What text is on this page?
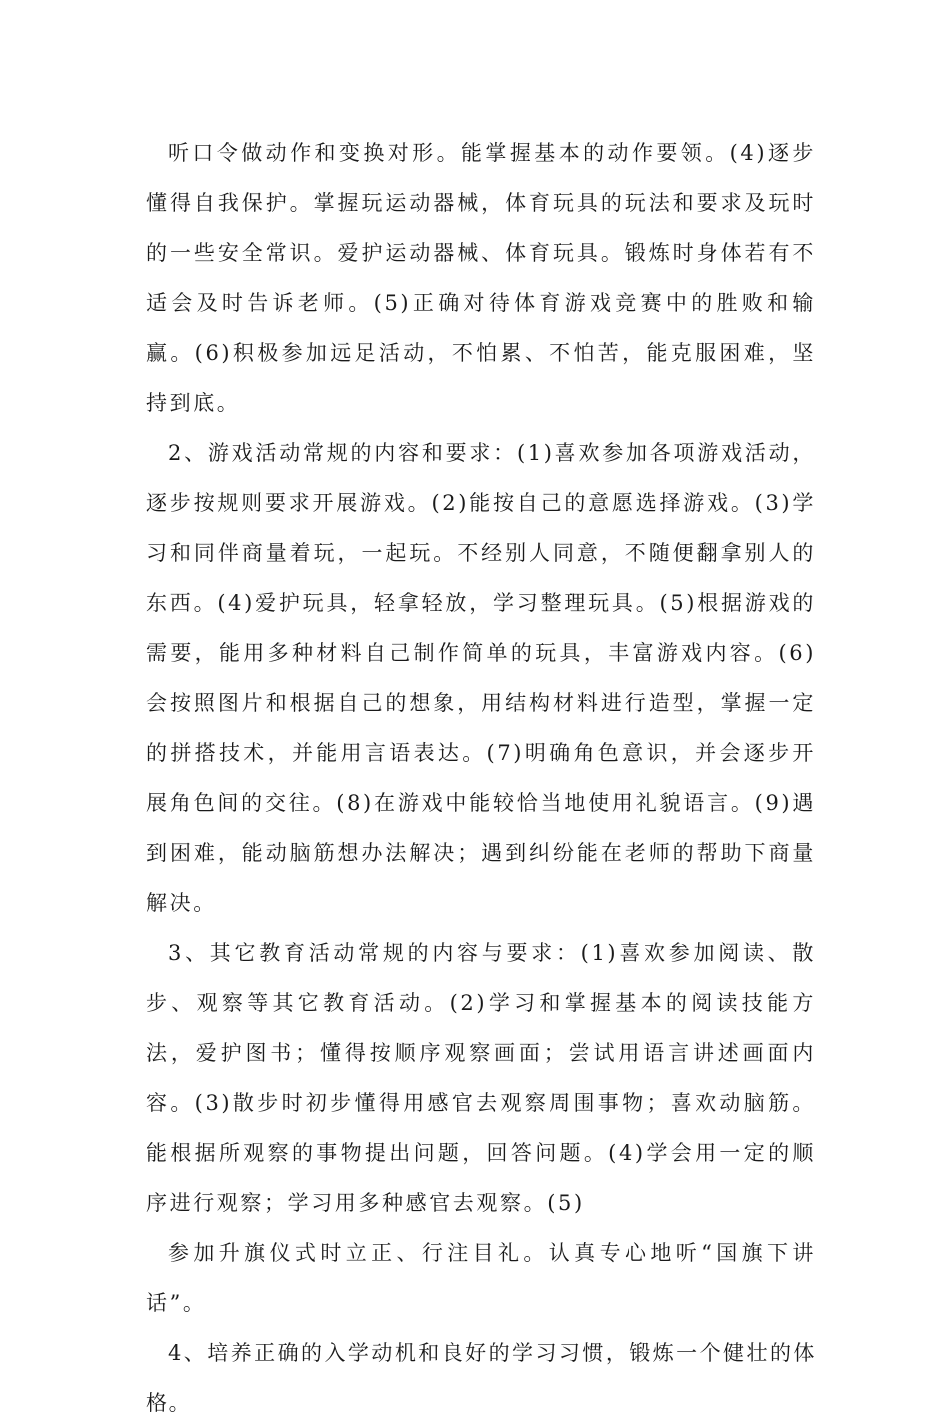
听口令做动作和变换对形。能掌握基本的动作要领。(4)逐步懂得自我保护。掌握玩运动器械，体育玩具的玩法和要求及玩时的一些安全常识。爱护运动器械、体育玩具。锻炼时身体若有不适会及时告诉老师。(5)正确对待体育游戏竞赛中的胜败和输赢。(6)积极参加远足活动，不怕累、不怕苦，能克服困难，坚持到底。

2、游戏活动常规的内容和要求：(1)喜欢参加各项游戏活动，逐步按规则要求开展游戏。(2)能按自己的意愿选择游戏。(3)学习和同伴商量着玩，一起玩。不经别人同意，不随便翻拿别人的东西。(4)爱护玩具，轻拿轻放，学习整理玩具。(5)根据游戏的需要，能用多种材料自己制作简单的玩具，丰富游戏内容。(6)会按照图片和根据自己的想象，用结构材料进行造型，掌握一定的拼搭技术，并能用言语表达。(7)明确角色意识，并会逐步开展角色间的交往。(8)在游戏中能较恰当地使用礼貌语言。(9)遇到困难，能动脑筋想办法解决；遇到纠纷能在老师的帮助下商量解决。

3、其它教育活动常规的内容与要求：(1)喜欢参加阅读、散步、观察等其它教育活动。(2)学习和掌握基本的阅读技能方法，爱护图书；懂得按顺序观察画面；尝试用语言讲述画面内容。(3)散步时初步懂得用感官去观察周围事物；喜欢动脑筋。能根据所观察的事物提出问题，回答问题。(4)学会用一定的顺序进行观察；学习用多种感官去观察。(5)

参加升旗仪式时立正、行注目礼。认真专心地听“国旗下讲话”。

4、培养正确的入学动机和良好的学习习惯，锻炼一个健壮的体格。
